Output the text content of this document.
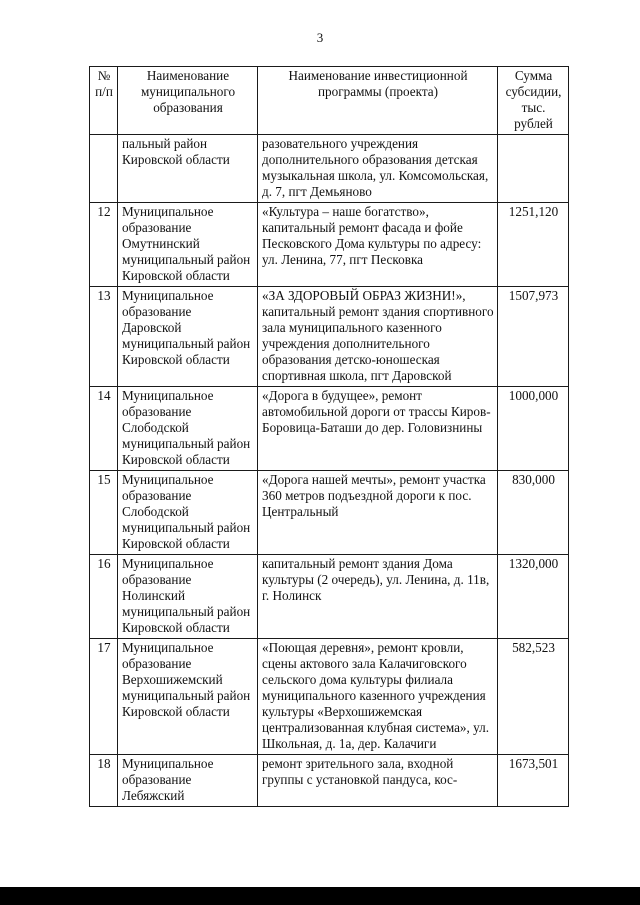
3
№ п/п	Наименование муниципального образования	Наименование инвестиционной программы (проекта)	Сумма субсидии, тыс. рублей
	пальный район Кировской области	разовательного учреждения дополнительного образования детская музыкальная школа, ул. Комсомольская, д. 7, пгт Демьяново	
12	Муниципальное образование Омутнинский муниципальный район Кировской области	«Культура – наше богатство», капитальный ремонт фасада и фойе Песковского Дома культуры по адресу: ул. Ленина, 77, пгт Песковка	1251,120
13	Муниципальное образование Даровской муниципальный район Кировской области	«ЗА ЗДОРОВЫЙ ОБРАЗ ЖИЗНИ!», капитальный ремонт здания спортивного зала муниципального казенного учреждения дополнительного образования детско-юношеская спортивная школа, пгт Даровской	1507,973
14	Муниципальное образование Слободской муниципальный район Кировской области	«Дорога в будущее», ремонт автомобильной дороги от трассы Киров-Боровица-Баташи до дер. Головизнины	1000,000
15	Муниципальное образование Слободской муниципальный район Кировской области	«Дорога нашей мечты», ремонт участка 360 метров подъездной дороги к пос. Центральный	830,000
16	Муниципальное образование Нолинский муниципальный район Кировской области	капитальный ремонт здания Дома культуры (2 очередь), ул. Ленина, д. 11в, г. Нолинск	1320,000
17	Муниципальное образование Верхошижемский муниципальный район Кировской области	«Поющая деревня», ремонт кровли, сцены актового зала Калачиговского сельского дома культуры филиала муниципального казенного учреждения культуры «Верхошижемская централизованная клубная система», ул. Школьная, д. 1а, дер. Калачиги	582,523
18	Муниципальное образование Лебяжский	ремонт зрительного зала, входной группы с установкой пандуса, кос-	1673,501
